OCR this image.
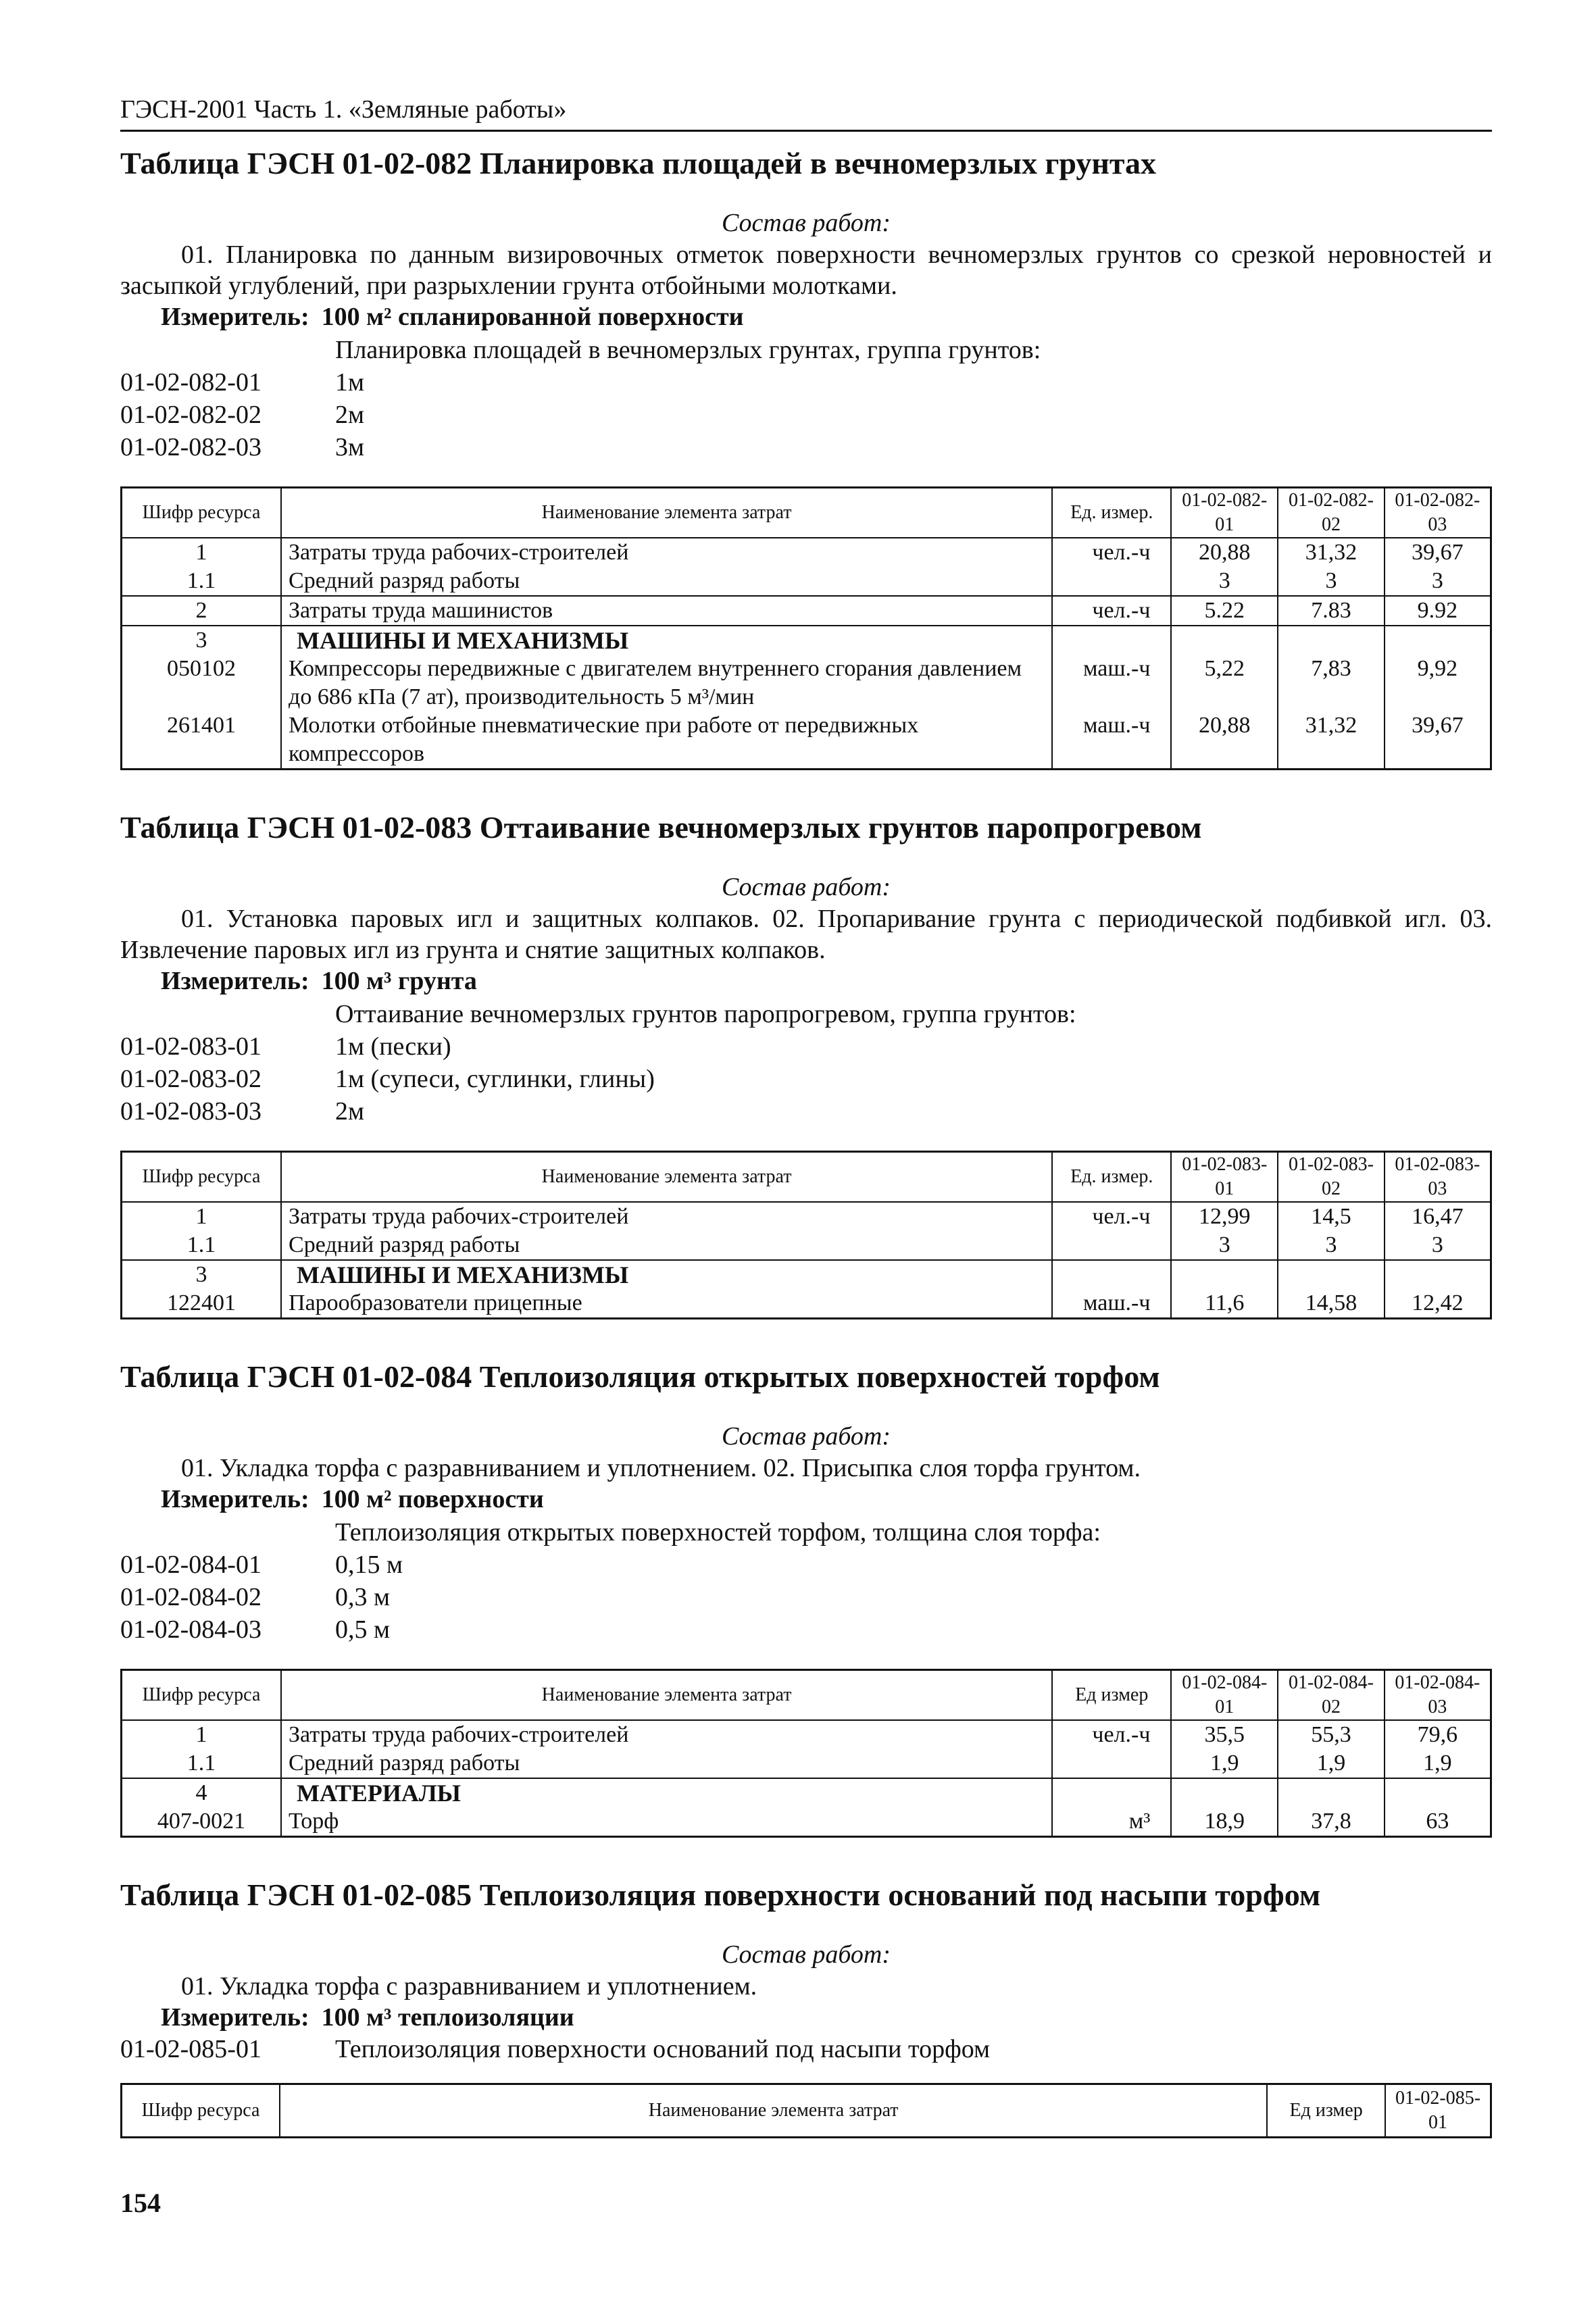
ГЭСН-2001 Часть 1. «Земляные работы»
Таблица ГЭСН 01-02-082 Планировка площадей в вечномерзлых грунтах
Состав работ:
01. Планировка по данным визировочных отметок поверхности вечномерзлых грунтов со срезкой неровностей и засыпкой углублений, при разрыхлении грунта отбойными молотками.
Измеритель: 100 м² спланированной поверхности
Планировка площадей в вечномерзлых грунтах, группа грунтов:
01-02-082-01	1м
01-02-082-02	2м
01-02-082-03	3м
Шифр ресурса	Наименование элемента затрат	Ед. измер.	01-02-082-01	01-02-082-02	01-02-082-03
1	Затраты труда рабочих-строителей	чел.-ч	20,88	31,32	39,67
1.1	Средний разряд работы		3	3	3
2	Затраты труда машинистов	чел.-ч	5.22	7.83	9.92
3	МАШИНЫ И МЕХАНИЗМЫ				
050102	Компрессоры передвижные с двигателем внутреннего сгорания давлением до 686 кПа (7 ат), производительность 5 м³/мин	маш.-ч	5,22	7,83	9,92
261401	Молотки отбойные пневматические при работе от передвижных компрессоров	маш.-ч	20,88	31,32	39,67
Таблица ГЭСН 01-02-083 Оттаивание вечномерзлых грунтов паропрогревом
Состав работ:
01. Установка паровых игл и защитных колпаков. 02. Пропаривание грунта с периодической подбивкой игл. 03. Извлечение паровых игл из грунта и снятие защитных колпаков.
Измеритель: 100 м³ грунта
Оттаивание вечномерзлых грунтов паропрогревом, группа грунтов:
01-02-083-01	1м (пески)
01-02-083-02	1м (супеси, суглинки, глины)
01-02-083-03	2м
Шифр ресурса	Наименование элемента затрат	Ед. измер.	01-02-083-01	01-02-083-02	01-02-083-03
1	Затраты труда рабочих-строителей	чел.-ч	12,99	14,5	16,47
1.1	Средний разряд работы		3	3	3
3	МАШИНЫ И МЕХАНИЗМЫ				
122401	Парообразователи прицепные	маш.-ч	11,6	14,58	12,42
Таблица ГЭСН 01-02-084 Теплоизоляция открытых поверхностей торфом
Состав работ:
01. Укладка торфа с разравниванием и уплотнением. 02. Присыпка слоя торфа грунтом.
Измеритель: 100 м² поверхности
Теплоизоляция открытых поверхностей торфом, толщина слоя торфа:
01-02-084-01	0,15 м
01-02-084-02	0,3 м
01-02-084-03	0,5 м
Шифр ресурса	Наименование элемента затрат	Ед измер	01-02-084-01	01-02-084-02	01-02-084-03
1	Затраты труда рабочих-строителей	чел.-ч	35,5	55,3	79,6
1.1	Средний разряд работы		1,9	1,9	1,9
4	МАТЕРИАЛЫ				
407-0021	Торф	м³	18,9	37,8	63
Таблица ГЭСН 01-02-085 Теплоизоляция поверхности оснований под насыпи торфом
Состав работ:
01. Укладка торфа с разравниванием и уплотнением.
Измеритель: 100 м³ теплоизоляции
01-02-085-01	Теплоизоляция поверхности оснований под насыпи торфом
Шифр ресурса	Наименование элемента затрат	Ед измер	01-02-085-01
154
